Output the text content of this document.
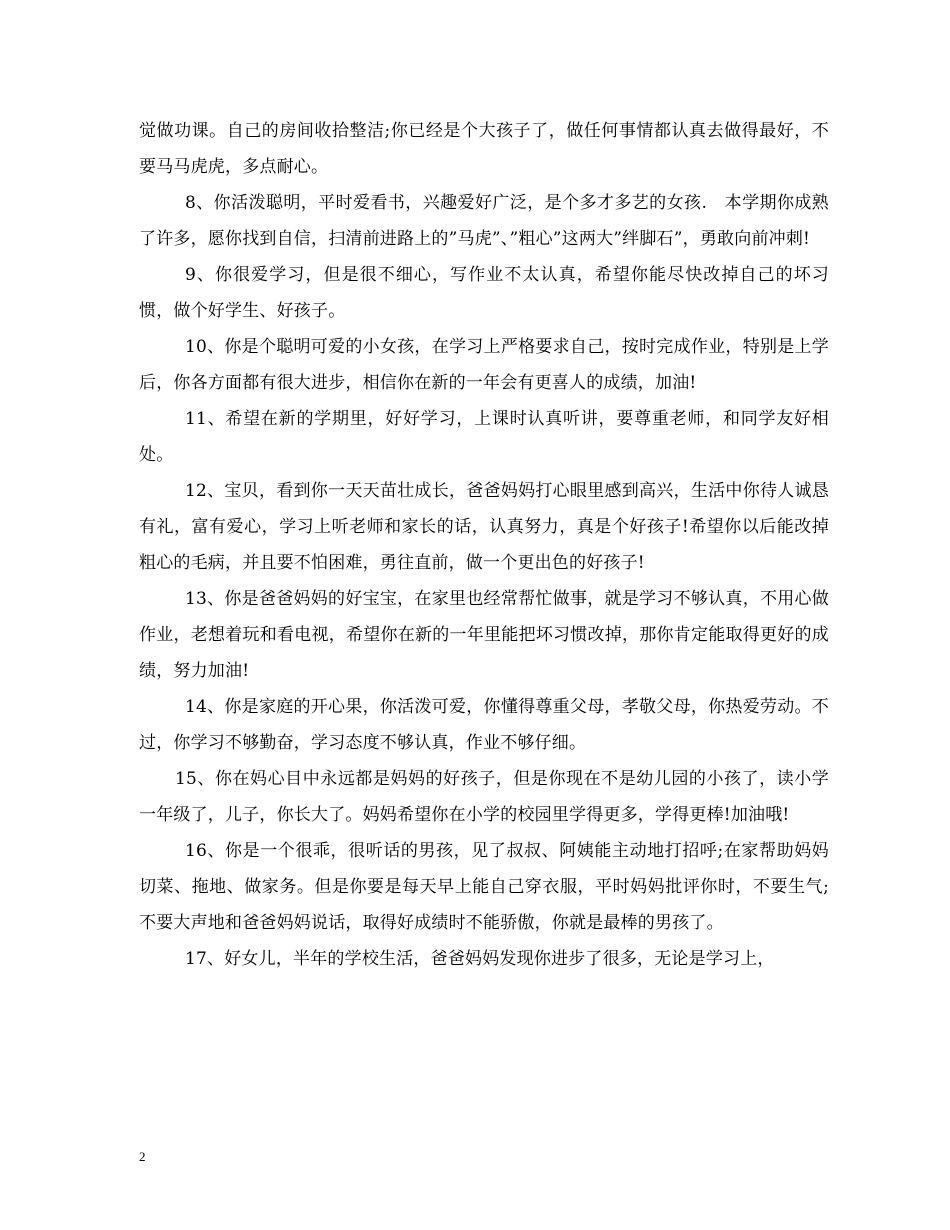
觉做功课。自己的房间收拾整洁;你已经是个大孩子了，做任何事情都认真去做得最好，不要马马虎虎，多点耐心。

8、你活泼聪明，平时爱看书，兴趣爱好广泛，是个多才多艺的女孩.　本学期你成熟了许多，愿你找到自信，扫清前进路上的”马虎”、”粗心”这两大”绊脚石”，勇敢向前冲刺!

9、你很爱学习，但是很不细心，写作业不太认真，希望你能尽快改掉自己的坏习惯，做个好学生、好孩子。

10、你是个聪明可爱的小女孩，在学习上严格要求自己，按时完成作业，特别是上学后，你各方面都有很大进步，相信你在新的一年会有更喜人的成绩，加油!

11、希望在新的学期里，好好学习，上课时认真听讲，要尊重老师，和同学友好相处。

12、宝贝，看到你一天天苗壮成长，爸爸妈妈打心眼里感到高兴，生活中你待人诚恳有礼，富有爱心，学习上听老师和家长的话，认真努力，真是个好孩子!希望你以后能改掉粗心的毛病，并且要不怕困难，勇往直前，做一个更出色的好孩子!

13、你是爸爸妈妈的好宝宝，在家里也经常帮忙做事，就是学习不够认真，不用心做作业，老想着玩和看电视，希望你在新的一年里能把坏习惯改掉，那你肯定能取得更好的成绩，努力加油!

14、你是家庭的开心果，你活泼可爱，你懂得尊重父母，孝敬父母，你热爱劳动。不过，你学习不够勤奋，学习态度不够认真，作业不够仔细。

15、你在妈心目中永远都是妈妈的好孩子，但是你现在不是幼儿园的小孩了，读小学一年级了，儿子，你长大了。妈妈希望你在小学的校园里学得更多，学得更棒!加油哦!

16、你是一个很乖，很听话的男孩，见了叔叔、阿姨能主动地打招呼;在家帮助妈妈切菜、拖地、做家务。但是你要是每天早上能自己穿衣服，平时妈妈批评你时，不要生气;不要大声地和爸爸妈妈说话，取得好成绩时不能骄傲，你就是最棒的男孩了。

17、好女儿，半年的学校生活，爸爸妈妈发现你进步了很多，无论是学习上，

2
